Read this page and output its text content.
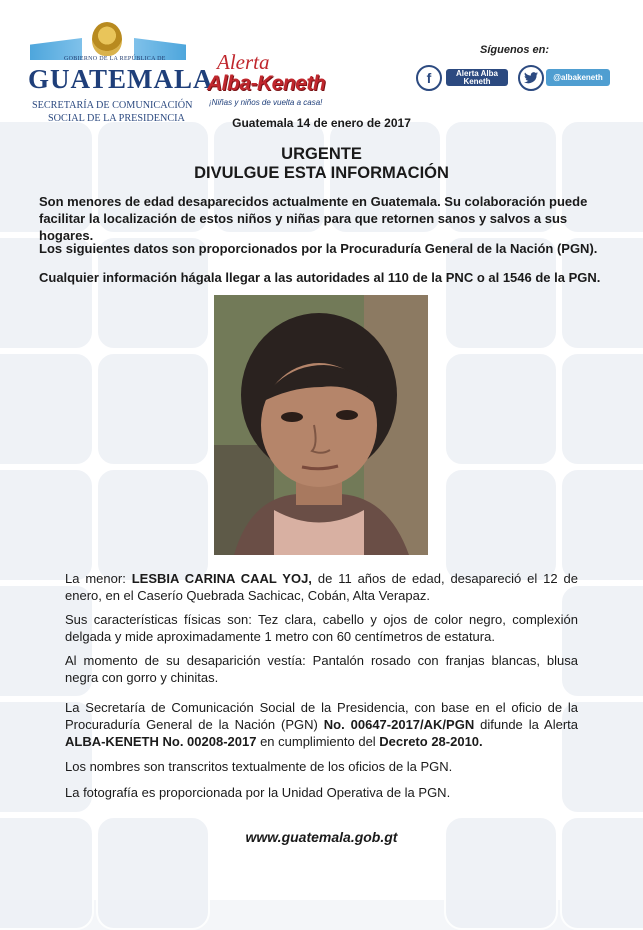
GOBIERNO DE LA REPÚBLICA DE
GUATEMALA
SECRETARÍA DE COMUNICACIÓN
SOCIAL DE LA PRESIDENCIA
Alerta
Alba-Keneth
¡Niñas y niños de vuelta a casa!
Síguenos en:
f	Alerta Alba
Keneth	@albakeneth
Guatemala 14 de enero de 2017
URGENTE
DIVULGUE ESTA INFORMACIÓN
Son menores de edad desaparecidos actualmente en Guatemala. Su colaboración puede facilitar la localización de estos niños y niñas para que retornen sanos y salvos a sus hogares.
Los siguientes datos son proporcionados por la Procuraduría General de la Nación (PGN).
Cualquier información hágala llegar a las autoridades al 110 de la PNC o al 1546 de la PGN.
La menor: LESBIA CARINA CAAL YOJ, de 11 años de edad, desapareció el 12 de enero, en el Caserío Quebrada Sachicac, Cobán, Alta Verapaz.
Sus características físicas son: Tez clara, cabello y ojos de color negro, complexión delgada y mide aproximadamente 1 metro con 60 centímetros de estatura.
Al momento de su desaparición vestía: Pantalón rosado con franjas blancas, blusa negra con gorro y chinitas.
La Secretaría de Comunicación Social de la Presidencia, con base en el oficio de la Procuraduría General de la Nación (PGN) No. 00647-2017/AK/PGN difunde la Alerta ALBA-KENETH No. 00208-2017 en cumplimiento del Decreto 28-2010.
Los nombres son transcritos textualmente de los oficios de la PGN.
La fotografía es proporcionada por la Unidad Operativa de la PGN.
www.guatemala.gob.gt
